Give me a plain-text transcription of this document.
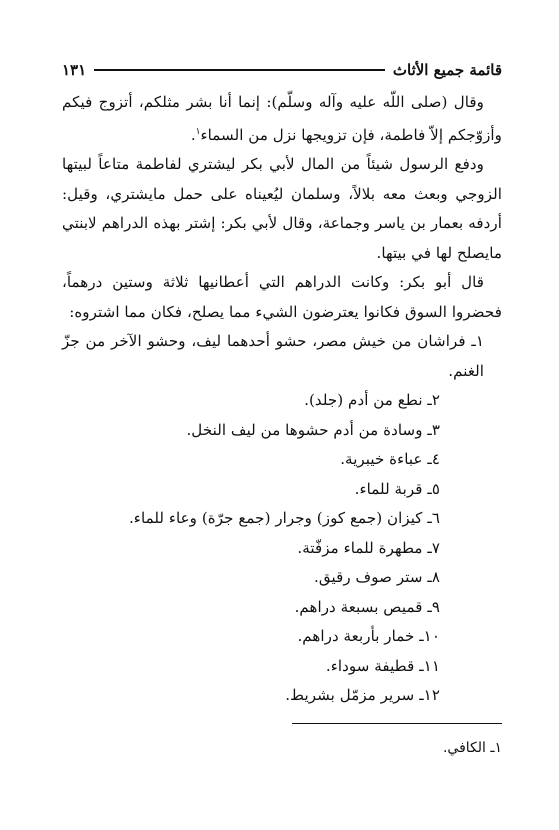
قائمة جميع الأثاث
١٣١

وقال (صلى اللّه عليه وآله وسلّم): إنما أنا بشر مثلكم، أتزوج فيكم وأزوّجكم إلاّ فاطمة، فإن تزويجها نزل من السماء$^١$.

ودفع الرسول شيئاً من المال لأبي بكر ليشتري لفاطمة متاعاً لبيتها الزوجي وبعث معه بلالاً، وسلمان ليُعيناه على حمل مايشتري، وقيل: أردفه بعمار بن ياسر وجماعة، وقال لأبي بكر: إشتر بهذه الدراهم لابنتي مايصلح لها في بيتها.

قال أبو بكر: وكانت الدراهم التي أعطانيها ثلاثة وستين درهماً، فحضروا السوق فكانوا يعترضون الشيء مما يصلح، فكان مما اشتروه:

١ـ فراشان من خيش مصر، حشو أحدهما ليف، وحشو الآخر من جزّ الغنم.
٢ـ نطع من أدم (جلد).
٣ـ وسادة من أدم حشوها من ليف النخل.
٤ـ عباءة خيبرية.
٥ـ قربة للماء.
٦ـ كيزان (جمع كوز) وجرار (جمع جرّة) وعاء للماء.
٧ـ مطهرة للماء مزفّتة.
٨ـ ستر صوف رقيق.
٩ـ قميص بسبعة دراهم.
١٠ـ خمار بأربعة دراهم.
١١ـ قطيفة سوداء.
١٢ـ سرير مزمّل بشريط.
١ـ الكافي.
